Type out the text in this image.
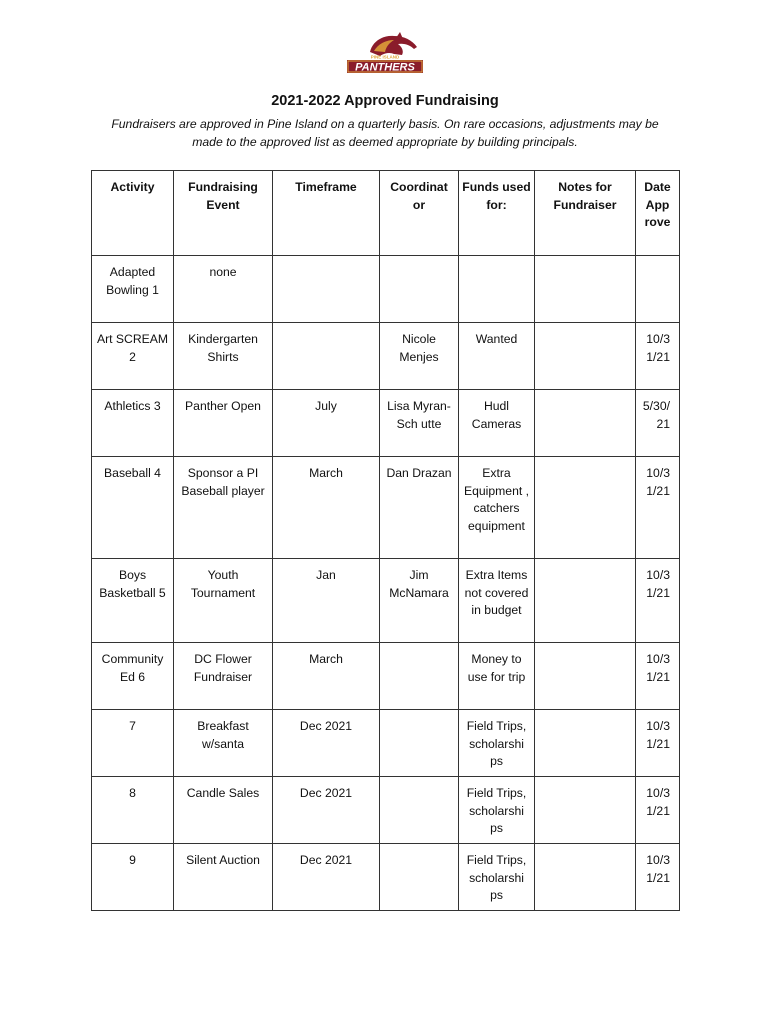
PINE ISLAND
PANTHERS
2021-2022 Approved Fundraising
Fundraisers are approved in Pine Island on a quarterly basis. On rare occasions, adjustments may be
made to the approved list as deemed appropriate by building principals.
Activity	Fundraising Event	Timeframe	Coordinat or	Funds used for:	Notes for Fundraiser	Date App rove
Adapted Bowling 1	none					
Art SCREAM 2	Kindergarten Shirts		Nicole Menjes	Wanted		10/3 1/21
Athletics 3	Panther Open	July	Lisa Myran-Sch utte	Hudl Cameras		5/30/ 21
Baseball 4	Sponsor a PI Baseball player	March	Dan Drazan	Extra Equipment , catchers equipment		10/3 1/21
Boys Basketball 5	Youth Tournament	Jan	Jim McNamara	Extra Items not covered in budget		10/3 1/21
Community Ed 6	DC Flower Fundraiser	March		Money to use for trip		10/3 1/21
7	Breakfast w/santa	Dec 2021		Field Trips, scholarshi ps		10/3 1/21
8	Candle Sales	Dec 2021		Field Trips, scholarshi ps		10/3 1/21
9	Silent Auction	Dec 2021		Field Trips, scholarshi ps		10/3 1/21
